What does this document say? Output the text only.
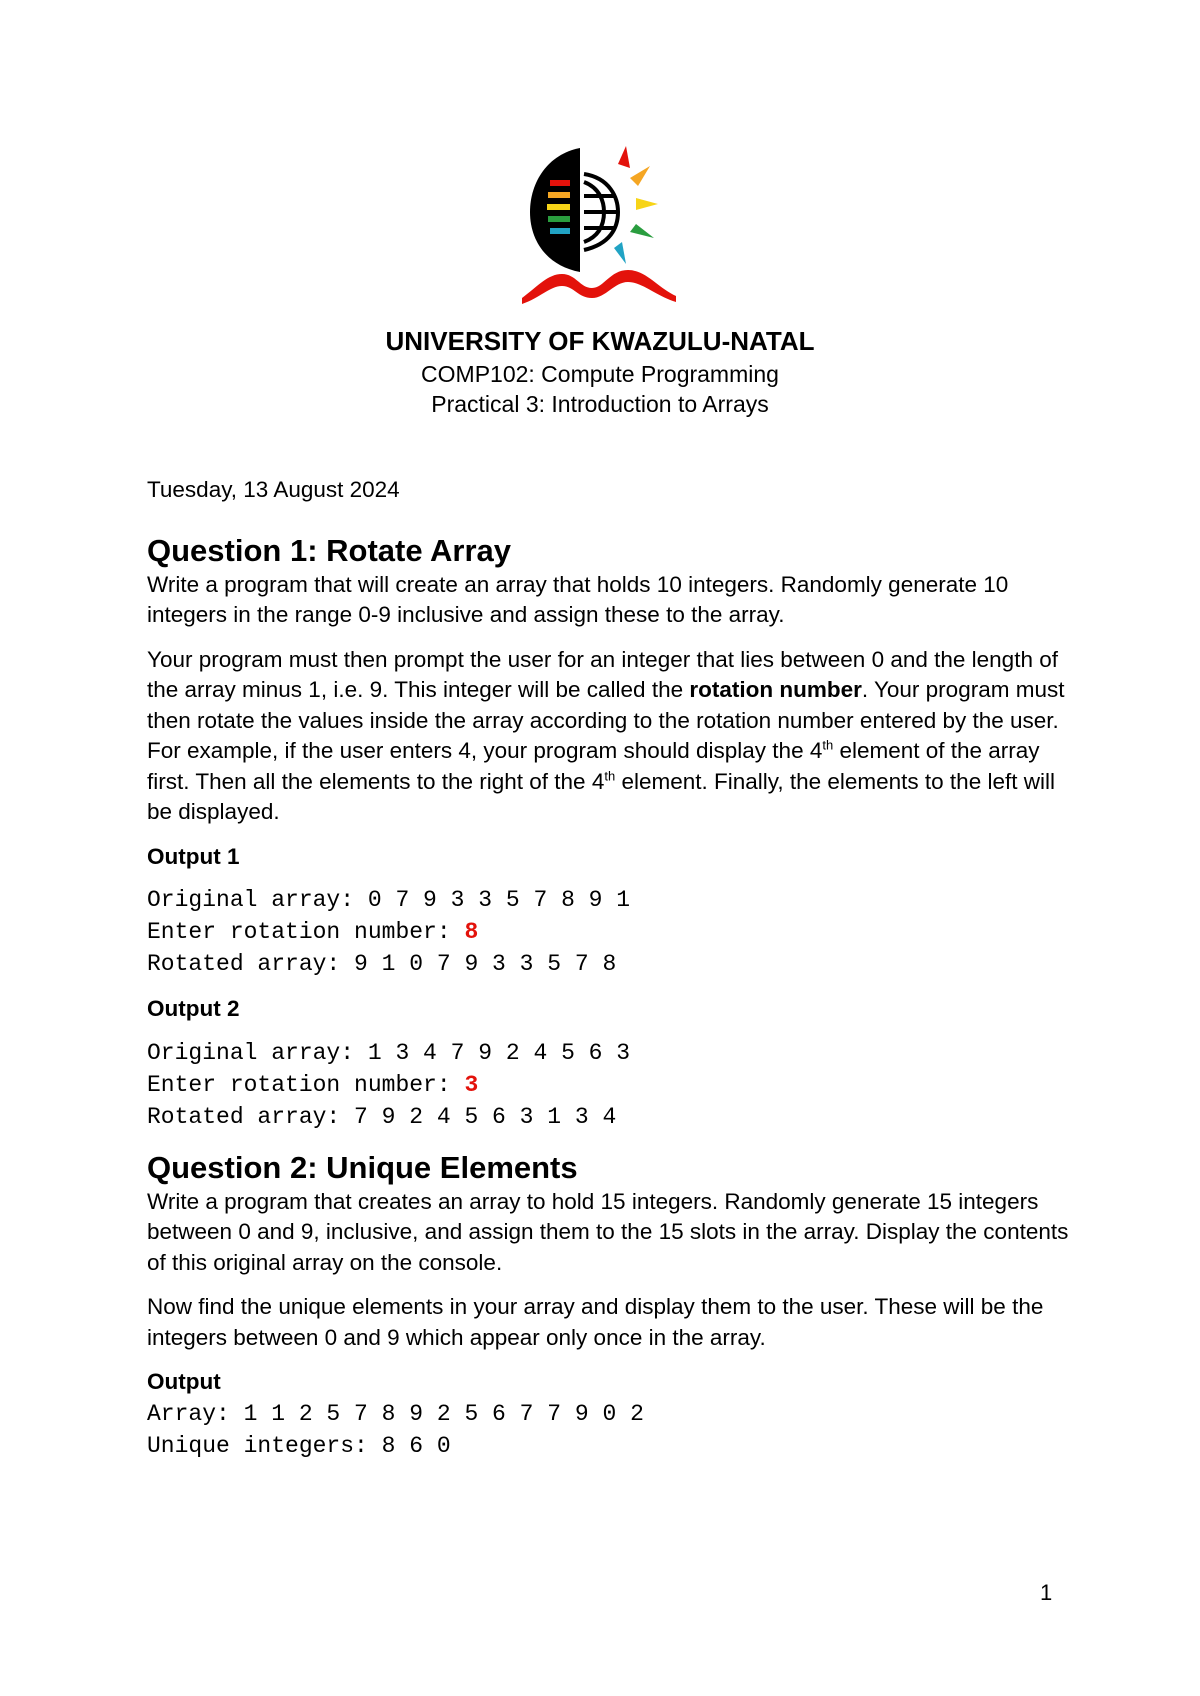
UNIVERSITY OF KWAZULU-NATAL
COMP102: Compute Programming
Practical 3: Introduction to Arrays
Tuesday, 13 August 2024
Question 1: Rotate Array

Write a program that will create an array that holds 10 integers. Randomly generate 10 integers in the range 0-9 inclusive and assign these to the array.

Your program must then prompt the user for an integer that lies between 0 and the length of the array minus 1, i.e. 9. This integer will be called the rotation number. Your program must then rotate the values inside the array according to the rotation number entered by the user. For example, if the user enters 4, your program should display the 4th element of the array first. Then all the elements to the right of the 4th element. Finally, the elements to the left will be displayed.

Output 1
Original array: 0 7 9 3 3 5 7 8 9 1
Enter rotation number: 8
Rotated array: 9 1 0 7 9 3 3 5 7 8
Output 2
Original array: 1 3 4 7 9 2 4 5 6 3
Enter rotation number: 3
Rotated array: 7 9 2 4 5 6 3 1 3 4
Question 2: Unique Elements

Write a program that creates an array to hold 15 integers. Randomly generate 15 integers between 0 and 9, inclusive, and assign them to the 15 slots in the array. Display the contents of this original array on the console.

Now find the unique elements in your array and display them to the user. These will be the integers between 0 and 9 which appear only once in the array.

Output
Array: 1 1 2 5 7 8 9 2 5 6 7 7 9 0 2
Unique integers: 8 6 0
1
